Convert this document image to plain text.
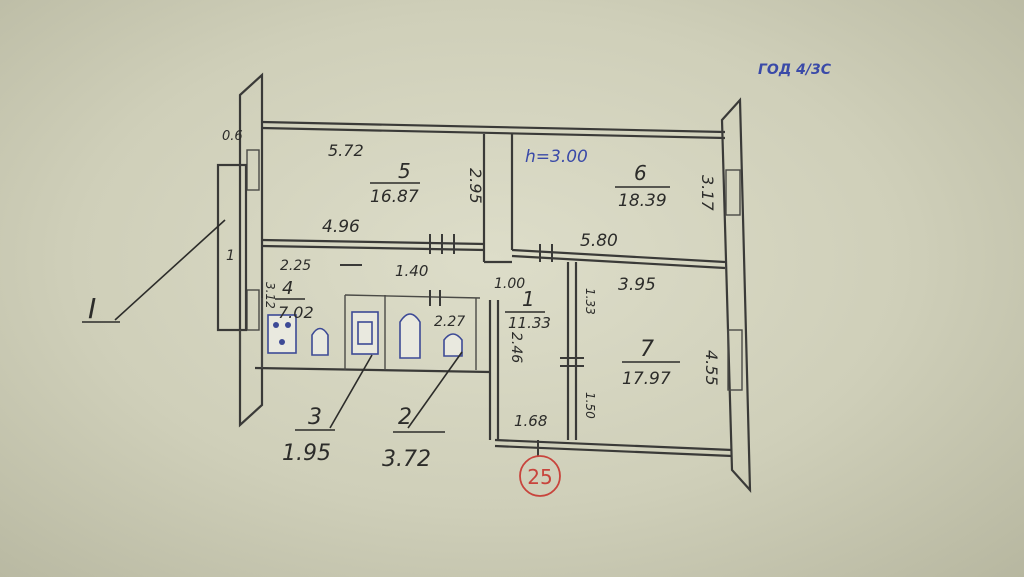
0.6
h=3.00
ГОД 4/3С
I
1
25
5.72
5
16.87
4.96
2.95	6
18.39
5.80
3.17
2.25
3.12 4
7.02
1.40
1.00
1
11.33
2.46
1.68
3.95
1.33
7
17.97 4.55
1.50
3
1.95
2.27
2
3.72
